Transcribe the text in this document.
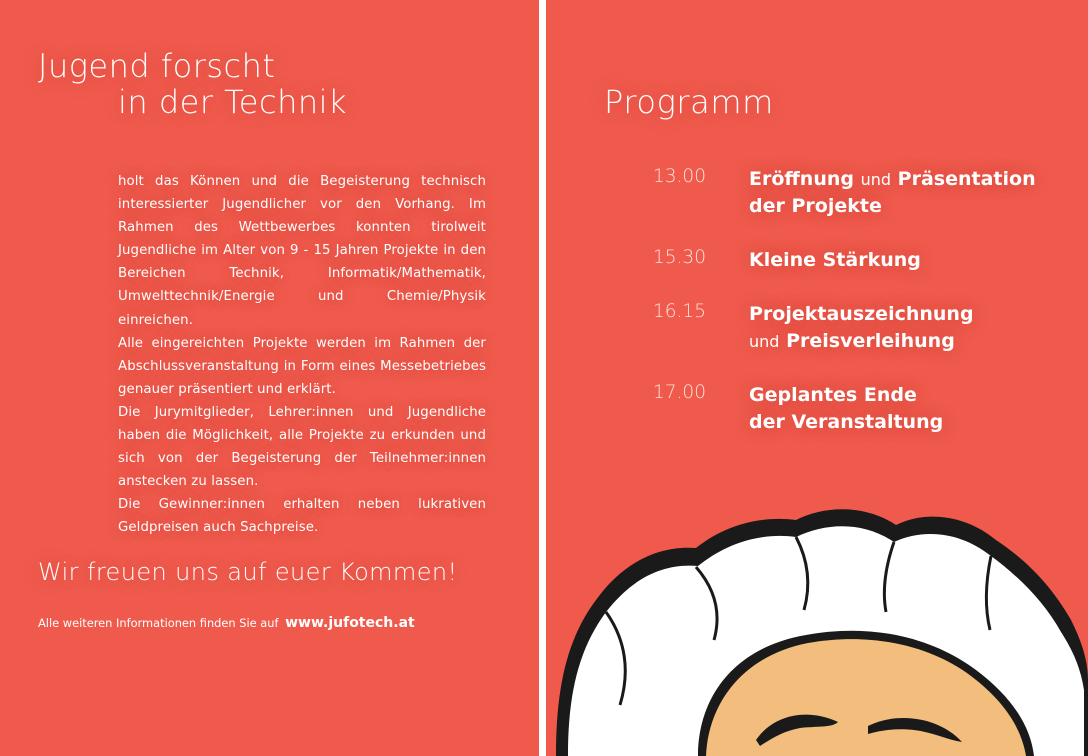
Jugend forscht
in der Technik

holt das Können und die Begeisterung technisch interessierter Jugendlicher vor den Vorhang. Im Rahmen des Wettbewerbes konnten tirolweit Jugendliche im Alter von 9 - 15 Jahren Projekte in den Bereichen Technik, Informatik/Mathematik, Umwelttechnik/Energie und Chemie/Physik einreichen.

Alle eingereichten Projekte werden im Rahmen der Abschlussveranstaltung in Form eines Messebetriebes genauer präsentiert und erklärt.

Die Jurymitglieder, Lehrer:innen und Jugendliche haben die Möglichkeit, alle Projekte zu erkunden und sich von der Begeisterung der Teilnehmer:innen anstecken zu lassen.

Die Gewinner:innen erhalten neben lukrativen Geldpreisen auch Sachpreise.

Wir freuen uns auf euer Kommen!
Alle weiteren Informationen finden Sie auf www.jufotech.at
Programm
13.00 Eröffnung und Präsentation
der Projekte
15.30 Kleine Stärkung
16.15 Projektauszeichnung
und Preisverleihung
17.00 Geplantes Ende
der Veranstaltung
